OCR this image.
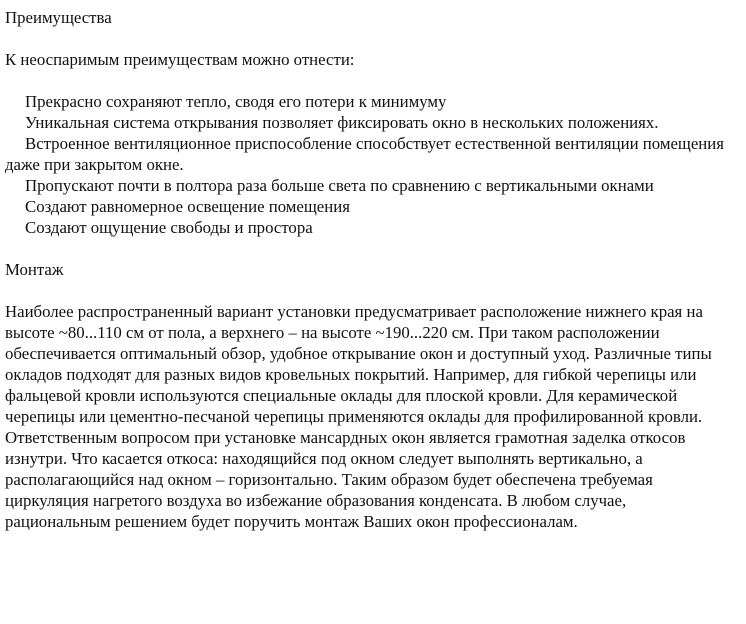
Преимущества

К неоспаримым преимуществам можно отнести:

Прекрасно сохраняют тепло, сводя его потери к минимуму
Уникальная система открывания позволяет фиксировать окно в нескольких положениях.
Встроенное вентиляционное приспособление способствует естественной вентиляции помещения даже при закрытом окне.
Пропускают почти в полтора раза больше света по сравнению с вертикальными окнами
Создают равномерное освещение помещения
Создают ощущение свободы и простора
Монтаж

Наиболее распространенный вариант установки предусматривает расположение нижнего края на высоте ~80...110 см от пола, а верхнего – на высоте ~190...220 см. При таком расположении обеспечивается оптимальный обзор, удобное открывание окон и доступный уход. Различные типы окладов подходят для разных видов кровельных покрытий. Например, для гибкой черепицы или фальцевой кровли используются специальные оклады для плоской кровли. Для керамической черепицы или цементно-песчаной черепицы применяются оклады для профилированной кровли. Ответственным вопросом при установке мансардных окон является грамотная заделка откосов изнутри. Что касается откоса: находящийся под окном следует выполнять вертикально, а располагающийся над окном – горизонтально. Таким образом будет обеспечена требуемая циркуляция нагретого воздуха во избежание образования конденсата. В любом случае, рациональным решением будет поручить монтаж Ваших окон профессионалам.
